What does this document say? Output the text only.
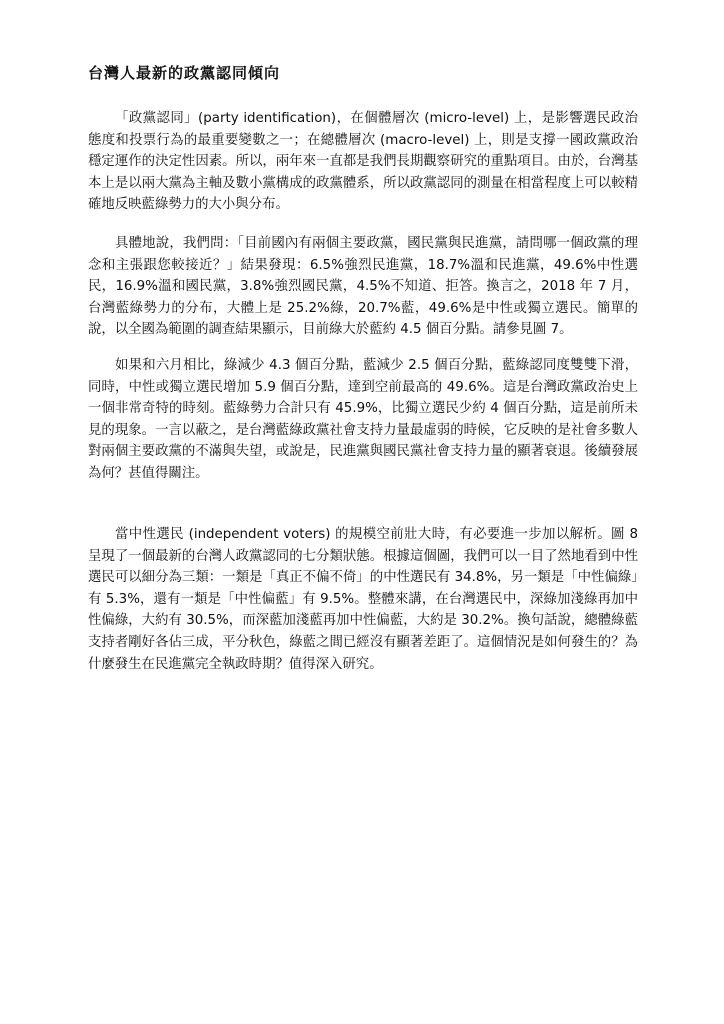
台灣人最新的政黨認同傾向

「政黨認同」(party identification)，在個體層次 (micro-level) 上，是影響選民政治態度和投票行為的最重要變數之一；在總體層次 (macro-level) 上，則是支撐一國政黨政治穩定運作的決定性因素。所以，兩年來一直都是我們長期觀察研究的重點項目。由於，台灣基本上是以兩大黨為主軸及數小黨構成的政黨體系，所以政黨認同的測量在相當程度上可以較精確地反映藍綠勢力的大小與分布。

具體地說，我們問：「目前國內有兩個主要政黨，國民黨與民進黨，請問哪一個政黨的理念和主張跟您較接近？」結果發現：6.5%強烈民進黨，18.7%溫和民進黨，49.6%中性選民，16.9%溫和國民黨，3.8%強烈國民黨，4.5%不知道、拒答。換言之，2018 年 7 月，台灣藍綠勢力的分布，大體上是 25.2%綠，20.7%藍，49.6%是中性或獨立選民。簡單的說，以全國為範圍的調查結果顯示，目前綠大於藍約 4.5 個百分點。請參見圖 7。

如果和六月相比，綠減少 4.3 個百分點，藍減少 2.5 個百分點，藍綠認同度雙雙下滑，同時，中性或獨立選民增加 5.9 個百分點，達到空前最高的 49.6%。這是台灣政黨政治史上一個非常奇特的時刻。藍綠勢力合計只有 45.9%，比獨立選民少約 4 個百分點，這是前所未見的現象。一言以蔽之，是台灣藍綠政黨社會支持力量最虛弱的時候，它反映的是社會多數人對兩個主要政黨的不滿與失望，或說是，民進黨與國民黨社會支持力量的顯著衰退。後續發展為何？甚值得關注。

當中性選民 (independent voters) 的規模空前壯大時，有必要進一步加以解析。圖 8 呈現了一個最新的台灣人政黨認同的七分類狀態。根據這個圖，我們可以一目了然地看到中性選民可以細分為三類：一類是「真正不偏不倚」的中性選民有 34.8%，另一類是「中性偏綠」有 5.3%，還有一類是「中性偏藍」有 9.5%。整體來講，在台灣選民中，深綠加淺綠再加中性偏綠，大約有 30.5%，而深藍加淺藍再加中性偏藍，大約是 30.2%。換句話說，總體綠藍支持者剛好各佔三成，平分秋色，綠藍之間已經沒有顯著差距了。這個情況是如何發生的？為什麼發生在民進黨完全執政時期？值得深入研究。
